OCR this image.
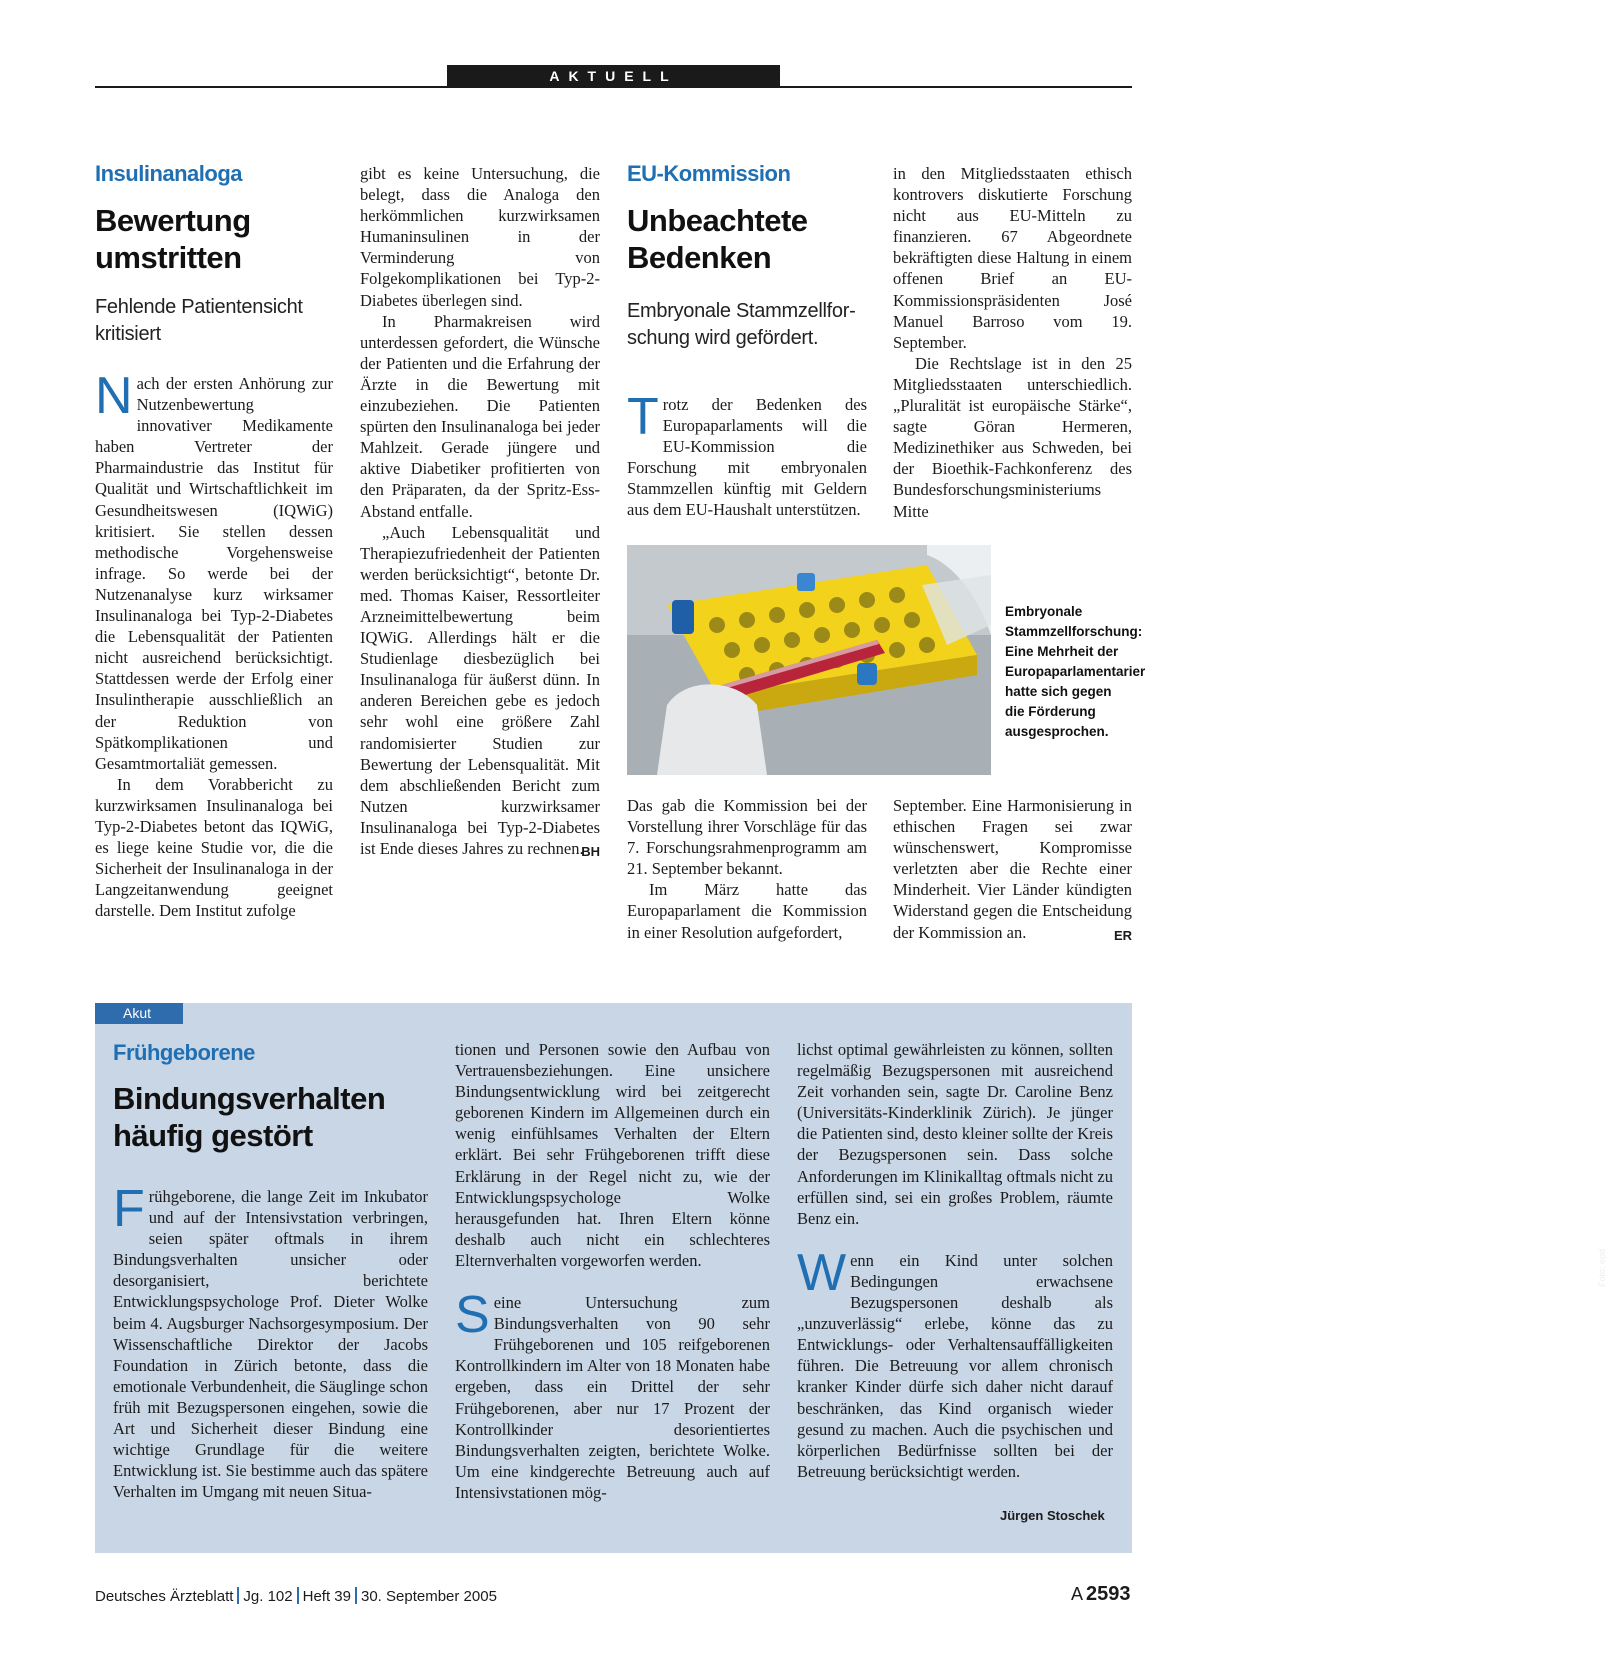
AKTUELL
Insulinanaloga
Bewertung
umstritten
Fehlende Patientensicht
kritisiert

Nach der ersten Anhörung zur Nutzenbewertung innovativer Medikamente haben Vertreter der Pharmaindustrie das Institut für Qualität und Wirtschaftlichkeit im Gesundheitswesen (IQWiG) kritisiert. Sie stellen dessen methodische Vorgehensweise infrage. So werde bei der Nutzenanalyse kurz wirksamer Insulinanaloga bei Typ-2-Diabetes die Lebensqualität der Patienten nicht ausreichend berücksichtigt. Stattdessen werde der Erfolg einer Insulintherapie ausschließlich an der Reduktion von Spätkomplikationen und Gesamtmortaliät gemessen.

In dem Vorabbericht zu kurzwirksamen Insulinanaloga bei Typ-2-Diabetes betont das IQWiG, es liege keine Studie vor, die die Sicherheit der Insulinanaloga in der Langzeitanwendung geeignet darstelle. Dem Institut zufolge

gibt es keine Untersuchung, die belegt, dass die Analoga den herkömmlichen kurzwirksamen Humaninsulinen in der Verminderung von Folgekomplikationen bei Typ-2-Diabetes überlegen sind.

In Pharmakreisen wird unterdessen gefordert, die Wünsche der Patienten und die Erfahrung der Ärzte in die Bewertung mit einzubeziehen. Die Patienten spürten den Insulinanaloga bei jeder Mahlzeit. Gerade jüngere und aktive Diabetiker profitierten von den Präparaten, da der Spritz-Ess-Abstand entfalle.

„Auch Lebensqualität und Therapiezufriedenheit der Patienten werden berücksichtigt“, betonte Dr. med. Thomas Kaiser, Ressortleiter Arzneimittelbewertung beim IQWiG. Allerdings hält er die Studienlage diesbezüglich bei Insulinanaloga für äußerst dünn. In anderen Bereichen gebe es jedoch sehr wohl eine größere Zahl randomisierter Studien zur Bewertung der Lebensqualität. Mit dem abschließenden Bericht zum Nutzen kurzwirksamer Insulinanaloga bei Typ-2-Diabetes ist Ende dieses Jahres zu rechnen.

BH
EU-Kommission
Unbeachtete
Bedenken
Embryonale Stammzellfor-
schung wird gefördert.

Trotz der Bedenken des Europaparlaments will die EU-Kommission die Forschung mit embryonalen Stammzellen künftig mit Geldern aus dem EU-Haushalt unterstützen.

Foto: epd
Embryonale Stammzellforschung: Eine Mehrheit der Europaparlamentarier hatte sich gegen die Förderung ausgesprochen.

Das gab die Kommission bei der Vorstellung ihrer Vorschläge für das 7. Forschungsrahmenprogramm am 21. September bekannt.

Im März hatte das Europaparlament die Kommission in einer Resolution aufgefordert,

in den Mitgliedsstaaten ethisch kontrovers diskutierte Forschung nicht aus EU-Mitteln zu finanzieren. 67 Abgeordnete bekräftigten diese Haltung in einem offenen Brief an EU-Kommissionspräsidenten José Manuel Barroso vom 19. September.

Die Rechtslage ist in den 25 Mitgliedsstaaten unterschiedlich. „Pluralität ist europäische Stärke“, sagte Göran Hermeren, Medizinethiker aus Schweden, bei der Bioethik-Fachkonferenz des Bundesforschungsministeriums Mitte

September. Eine Harmonisierung in ethischen Fragen sei zwar wünschenswert, Kompromisse verletzten aber die Rechte einer Minderheit. Vier Länder kündigten Widerstand gegen die Entscheidung der Kommission an.	ER
Akut
Frühgeborene
Bindungsverhalten
häufig gestört

Frühgeborene, die lange Zeit im Inkubator und auf der Intensivstation verbringen, seien später oftmals in ihrem Bindungsverhalten unsicher oder desorganisiert, berichtete Entwicklungspsychologe Prof. Dieter Wolke beim 4. Augsburger Nachsorgesymposium. Der Wissenschaftliche Direktor der Jacobs Foundation in Zürich betonte, dass die emotionale Verbundenheit, die Säuglinge schon früh mit Bezugspersonen eingehen, sowie die Art und Sicherheit dieser Bindung eine wichtige Grundlage für die weitere Entwicklung ist. Sie bestimme auch das spätere Verhalten im Umgang mit neuen Situa-

tionen und Personen sowie den Aufbau von Vertrauensbeziehungen. Eine unsichere Bindungsentwicklung wird bei zeitgerecht geborenen Kindern im Allgemeinen durch ein wenig einfühlsames Verhalten der Eltern erklärt. Bei sehr Frühgeborenen trifft diese Erklärung in der Regel nicht zu, wie der Entwicklungspsychologe Wolke herausgefunden hat. Ihren Eltern könne deshalb auch nicht ein schlechteres Elternverhalten vorgeworfen werden.

Seine Untersuchung zum Bindungsverhalten von 90 sehr Frühgeborenen und 105 reifgeborenen Kontrollkindern im Alter von 18 Monaten habe ergeben, dass ein Drittel der sehr Frühgeborenen, aber nur 17 Prozent der Kontrollkinder desorientiertes Bindungsverhalten zeigten, berichtete Wolke. Um eine kindgerechte Betreuung auch auf Intensivstationen mög-

lichst optimal gewährleisten zu können, sollten regelmäßig Bezugspersonen mit ausreichend Zeit vorhanden sein, sagte Dr. Caroline Benz (Universitäts-Kinderklinik Zürich). Je jünger die Patienten sind, desto kleiner sollte der Kreis der Bezugspersonen sein. Dass solche Anforderungen im Klinikalltag oftmals nicht zu erfüllen sind, sei ein großes Problem, räumte Benz ein.

Wenn ein Kind unter solchen Bedingungen erwachsene Bezugspersonen deshalb als „unzuverlässig“ erlebe, könne das zu Entwicklungs- oder Verhaltensauffälligkeiten führen. Die Betreuung vor allem chronisch kranker Kinder dürfe sich daher nicht darauf beschränken, das Kind organisch wieder gesund zu machen. Auch die psychischen und körperlichen Bedürfnisse sollten bei der Betreuung berücksichtigt werden.

Jürgen Stoschek
Deutsches Ärzteblatt Jg. 102 Heft 39 30. September 2005	A 2593
